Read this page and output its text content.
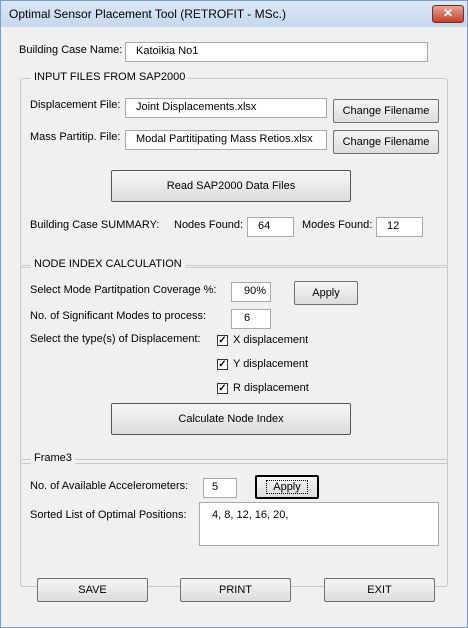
Optimal Sensor Placement Tool (RETROFIT - MSc.)	✕
Building Case Name:	Katoikia No1
INPUT FILES FROM SAP2000
Displacement File:	Joint Displacements.xlsx	Change Filename
Mass Partitip. File:	Modal Partitipating Mass Retios.xlsx	Change Filename
Read SAP2000 Data Files
Building Case SUMMARY: Nodes Found:	64	Modes Found:	12
NODE INDEX CALCULATION
Select Mode Partitpation Coverage %:	90%	Apply
No. of Significant Modes to process:	6
Select the type(s) of Displacement: ✓ X displacement
✓ Y displacement
✓ R displacement
Calculate Node Index
Frame3
No. of Available Accelerometers:	5	Apply
Sorted List of Optimal Positions:	4, 8, 12, 16, 20,
SAVE	PRINT	EXIT
